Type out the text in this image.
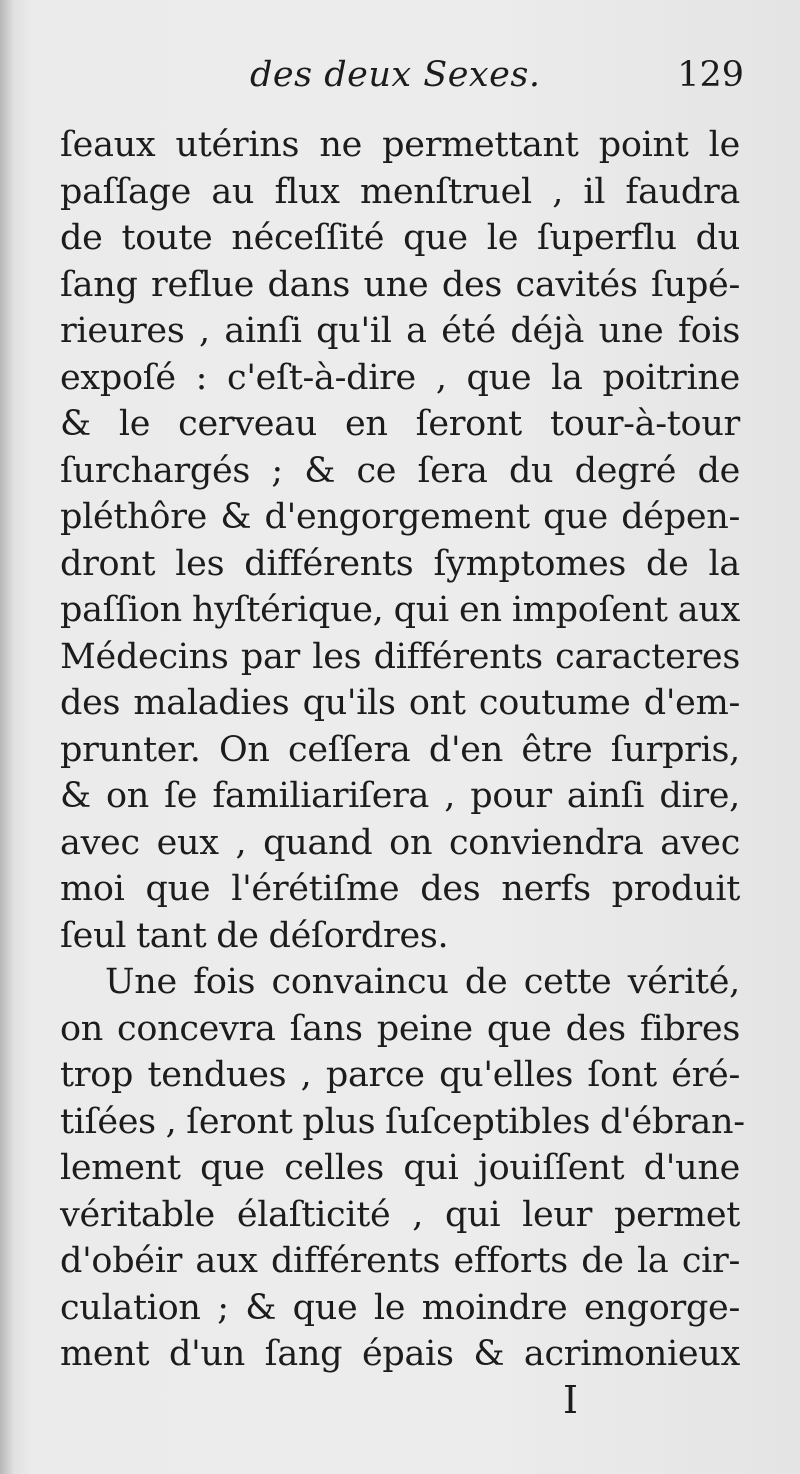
des deux Sexes.	129
ſeaux utérins ne permettant point le
paſſage au flux menſtruel , il faudra
de toute néceſſité que le ſuperflu du
ſang reflue dans une des cavités ſupé-
rieures , ainſi qu'il a été déjà une fois
expoſé : c'eſt-à-dire , que la poitrine
& le cerveau en ſeront tour-à-tour
ſurchargés ; & ce ſera du degré de
pléthôre & d'engorgement que dépen-
dront les différents ſymptomes de la
paſſion hyſtérique, qui en impoſent aux
Médecins par les différents caracteres
des maladies qu'ils ont coutume d'em-
prunter. On ceſſera d'en être ſurpris,
& on ſe familiariſera , pour ainſi dire,
avec eux , quand on conviendra avec
moi que l'érétiſme des nerfs produit
ſeul tant de déſordres.
Une fois convaincu de cette vérité,
on concevra ſans peine que des fibres
trop tendues , parce qu'elles ſont éré-
tiſées , ſeront plus ſuſceptibles d'ébran-
lement que celles qui jouiſſent d'une
véritable élaſticité , qui leur permet
d'obéir aux différents efforts de la cir-
culation ; & que le moindre engorge-
ment d'un ſang épais & acrimonieux
I
